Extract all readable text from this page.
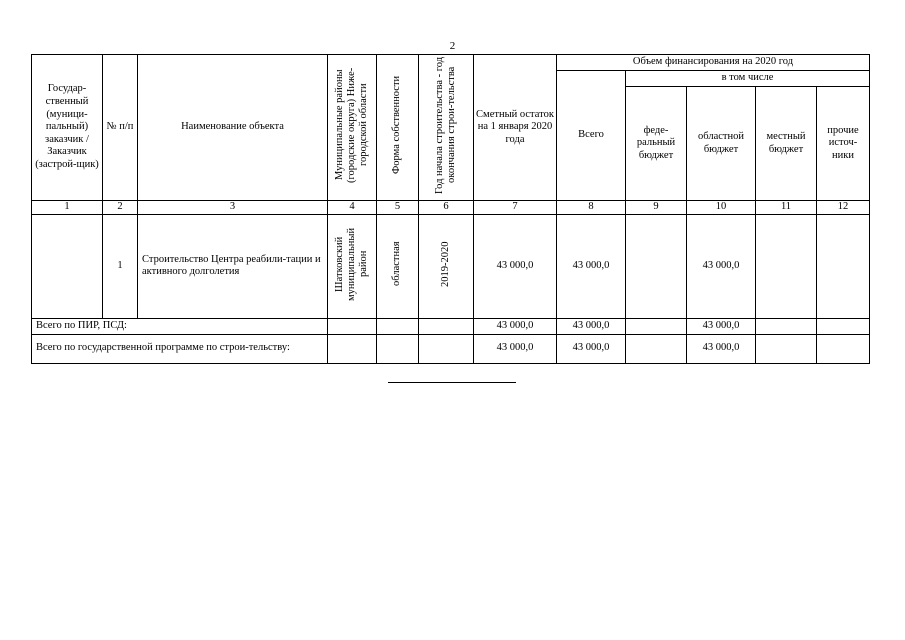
2
Государ-ственный (муници-пальный) заказчик / Заказчик (застрой-щик)	№ п/п	Наименование объекта	Муниципальные районы (городские округа) Ниже-городской области	Форма собственности	Год начала строительства - год окончания строи-тельства	Сметный остаток на 1 января 2020 года	Объем финансирования на 2020 год				
							Всего	в том числе			
								феде-ральный бюджет	областной бюджет	местный бюджет	прочие источ-ники
1	2	3	4	5	6	7	8	9	10	11	12
	1	Строительство Центра реабили-тации и активного долголетия	Шатковский муниципальный район	областная	2019-2020	43 000,0	43 000,0		43 000,0		
Всего по ПИР, ПСД:						43 000,0	43 000,0		43 000,0		
Всего по государственной программе по строи-тельству:						43 000,0	43 000,0		43 000,0		
